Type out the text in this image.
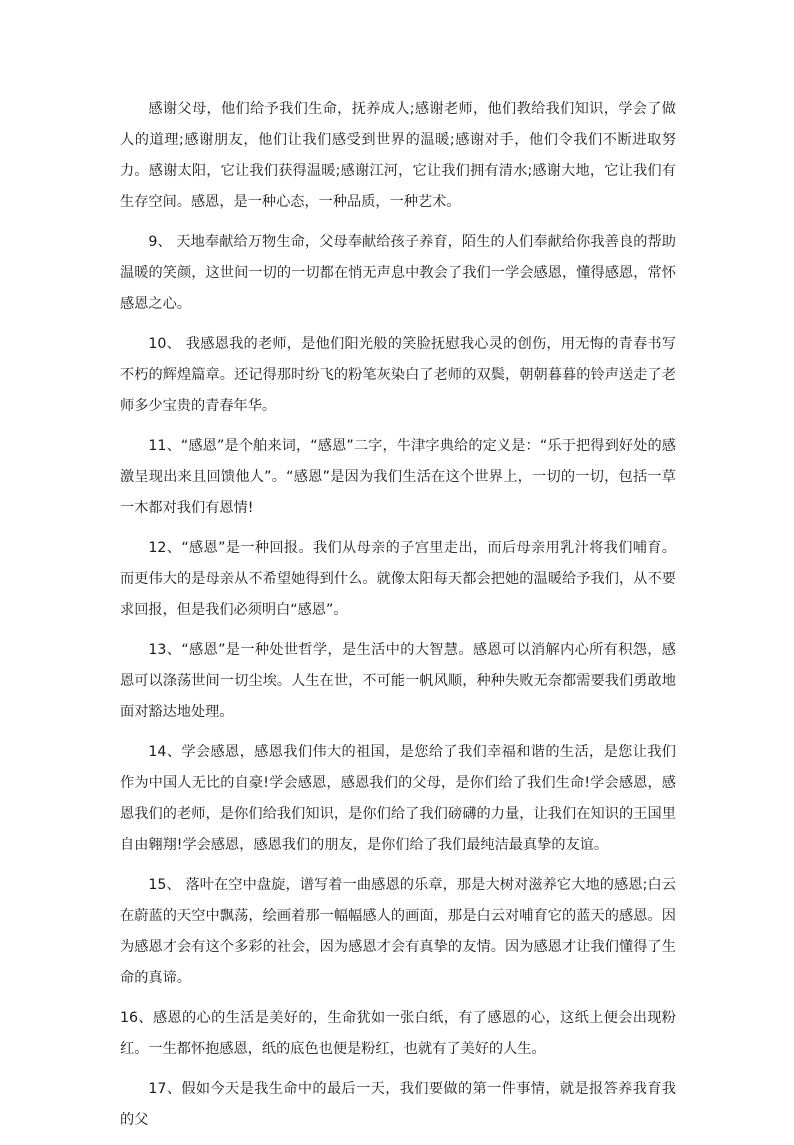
感谢父母，他们给予我们生命，抚养成人;感谢老师，他们教给我们知识，学会了做人的道理;感谢朋友，他们让我们感受到世界的温暖;感谢对手，他们令我们不断进取努力。感谢太阳，它让我们获得温暖;感谢江河，它让我们拥有清水;感谢大地，它让我们有生存空间。感恩，是一种心态，一种品质，一种艺术。

9、 天地奉献给万物生命，父母奉献给孩子养育，陌生的人们奉献给你我善良的帮助温暖的笑颜，这世间一切的一切都在悄无声息中教会了我们一学会感恩，懂得感恩，常怀感恩之心。

10、 我感恩我的老师，是他们阳光般的笑脸抚慰我心灵的创伤，用无悔的青春书写不朽的辉煌篇章。还记得那时纷飞的粉笔灰染白了老师的双鬓，朝朝暮暮的铃声送走了老师多少宝贵的青春年华。

11、“感恩”是个舶来词，“感恩”二字，牛津字典给的定义是：“乐于把得到好处的感激呈现出来且回馈他人”。“感恩”是因为我们生活在这个世界上，一切的一切，包括一草一木都对我们有恩情!

12、“感恩”是一种回报。我们从母亲的子宫里走出，而后母亲用乳汁将我们哺育。而更伟大的是母亲从不希望她得到什么。就像太阳每天都会把她的温暖给予我们，从不要求回报，但是我们必须明白“感恩”。

13、“感恩”是一种处世哲学，是生活中的大智慧。感恩可以消解内心所有积怨，感恩可以涤荡世间一切尘埃。人生在世，不可能一帆风顺，种种失败无奈都需要我们勇敢地面对豁达地处理。

14、学会感恩，感恩我们伟大的祖国，是您给了我们幸福和谐的生活，是您让我们作为中国人无比的自豪!学会感恩，感恩我们的父母，是你们给了我们生命!学会感恩，感恩我们的老师，是你们给我们知识，是你们给了我们磅礴的力量，让我们在知识的王国里自由翱翔!学会感恩，感恩我们的朋友，是你们给了我们最纯洁最真挚的友谊。

15、 落叶在空中盘旋，谱写着一曲感恩的乐章，那是大树对滋养它大地的感恩;白云在蔚蓝的天空中飘荡，绘画着那一幅幅感人的画面，那是白云对哺育它的蓝天的感恩。因为感恩才会有这个多彩的社会，因为感恩才会有真挚的友情。因为感恩才让我们懂得了生命的真谛。

16、感恩的心的生活是美好的，生命犹如一张白纸，有了感恩的心，这纸上便会出现粉红。一生都怀抱感恩，纸的底色也便是粉红，也就有了美好的人生。

17、假如今天是我生命中的最后一天，我们要做的第一件事情，就是报答养我育我的父
